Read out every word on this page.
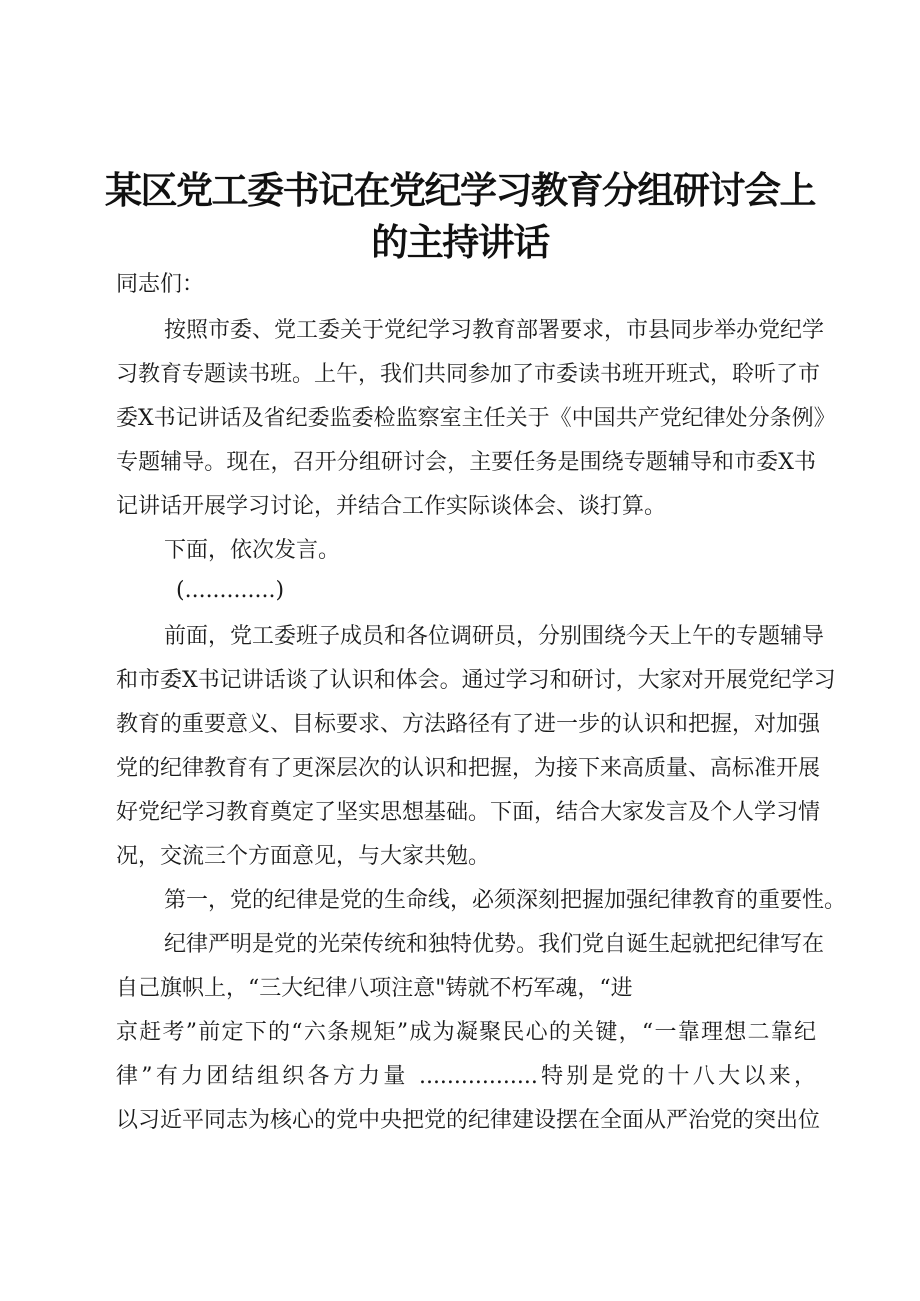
某区党工委书记在党纪学习教育分组研讨会上
的主持讲话

同志们：

按照市委、党工委关于党纪学习教育部署要求，市县同步举办党纪学

习教育专题读书班。上午，我们共同参加了市委读书班开班式，聆听了市

委X书记讲话及省纪委监委检监察室主任关于《中国共产党纪律处分条例》

专题辅导。现在，召开分组研讨会，主要任务是围绕专题辅导和市委X书

记讲话开展学习讨论，并结合工作实际谈体会、谈打算。

下面，依次发言。

(.............)

前面，党工委班子成员和各位调研员，分别围绕今天上午的专题辅导

和市委X书记讲话谈了认识和体会。通过学习和研讨，大家对开展党纪学习

教育的重要意义、目标要求、方法路径有了进一步的认识和把握，对加强

党的纪律教育有了更深层次的认识和把握，为接下来高质量、高标准开展

好党纪学习教育奠定了坚实思想基础。下面，结合大家发言及个人学习情

况，交流三个方面意见，与大家共勉。

第一，党的纪律是党的生命线，必须深刻把握加强纪律教育的重要性。

纪律严明是党的光荣传统和独特优势。我们党自诞生起就把纪律写在

自己旗帜上，“三大纪律八项注意"铸就不朽军魂，“进

京赶考”前定下的“六条规矩”成为凝聚民心的关键，“一靠理想二靠纪

律”有力团结组织各方力量 .................特别是党的十八大以来，

以习近平同志为核心的党中央把党的纪律建设摆在全面从严治党的突出位
